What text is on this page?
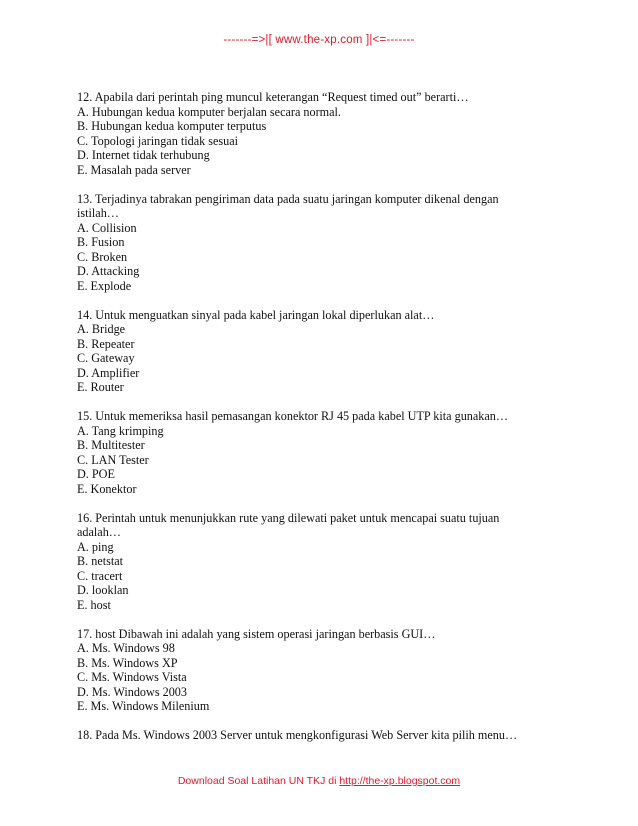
-------=>|[ www.the-xp.com ]|<=-------
12. Apabila dari perintah ping muncul keterangan “Request timed out” berarti…
A. Hubungan kedua komputer berjalan secara normal.
B. Hubungan kedua komputer terputus
C. Topologi jaringan tidak sesuai
D. Internet tidak terhubung
E. Masalah pada server
13. Terjadinya tabrakan pengiriman data pada suatu jaringan komputer dikenal dengan istilah…
A. Collision
B. Fusion
C. Broken
D. Attacking
E. Explode
14. Untuk menguatkan sinyal pada kabel jaringan lokal diperlukan alat…
A. Bridge
B. Repeater
C. Gateway
D. Amplifier
E. Router
15. Untuk memeriksa hasil pemasangan konektor RJ 45 pada kabel UTP kita gunakan…
A. Tang krimping
B. Multitester
C. LAN Tester
D. POE
E. Konektor
16. Perintah untuk menunjukkan rute yang dilewati paket untuk mencapai suatu tujuan adalah…
A. ping
B. netstat
C. tracert
D. looklan
E. host
17. host Dibawah ini adalah yang sistem operasi jaringan berbasis GUI…
A. Ms. Windows 98
B. Ms. Windows XP
C. Ms. Windows Vista
D. Ms. Windows 2003
E. Ms. Windows Milenium
18. Pada Ms. Windows 2003 Server untuk mengkonfigurasi Web Server kita pilih menu…
Download Soal Latihan UN TKJ di http://the-xp.blogspot.com
